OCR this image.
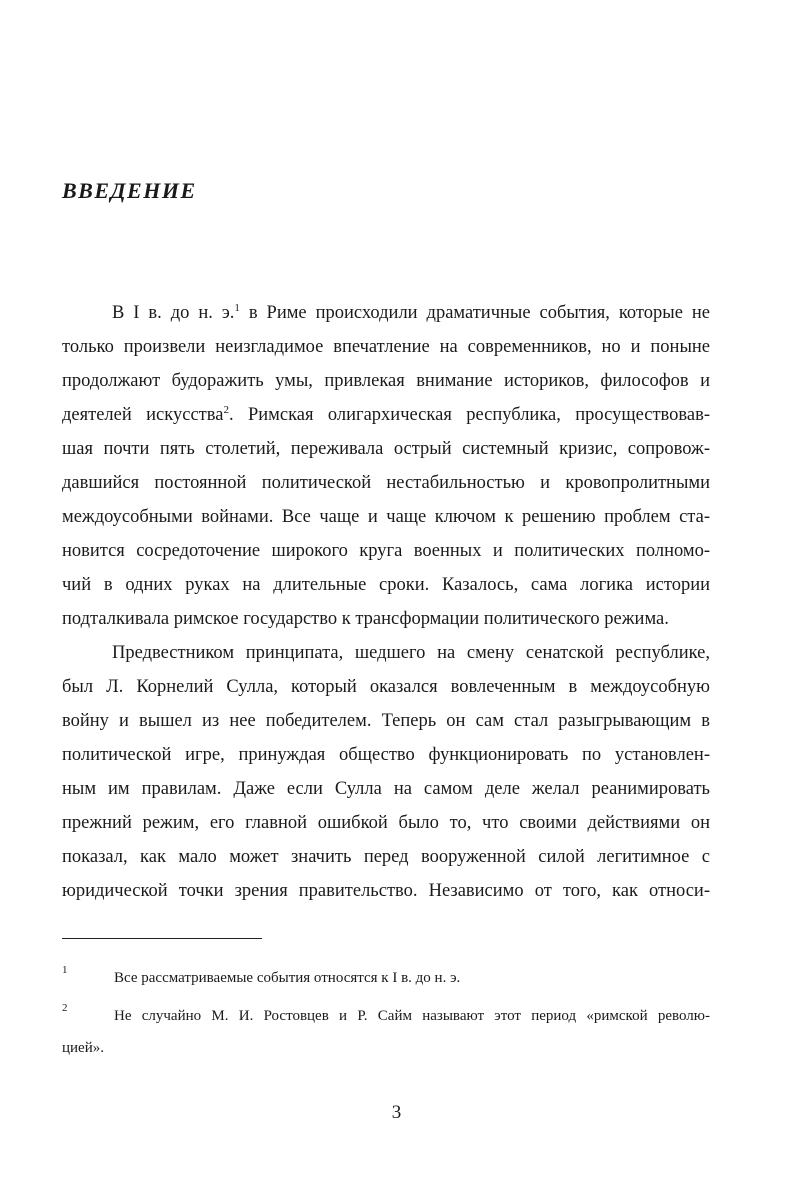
ВВЕДЕНИЕ
В I в. до н. э.$^1$ в Риме происходили драматичные события, которые не
только произвели неизгладимое впечатление на современников, но и поныне
продолжают будоражить умы, привлекая внимание историков, философов и
деятелей искусства$^2$. Римская олигархическая республика, просуществовав-
шая почти пять столетий, переживала острый системный кризис, сопровож-
давшийся постоянной политической нестабильностью и кровопролитными
междоусобными войнами. Все чаще и чаще ключом к решению проблем ста-
новится сосредоточение широкого круга военных и политических полномо-
чий в одних руках на длительные сроки. Казалось, сама логика истории
подталкивала римское государство к трансформации политического режима.
Предвестником принципата, шедшего на смену сенатской республике,
был Л. Корнелий Сулла, который оказался вовлеченным в междоусобную
войну и вышел из нее победителем. Теперь он сам стал разыгрывающим в
политической игре, принуждая общество функционировать по установлен-
ным им правилам. Даже если Сулла на самом деле желал реанимировать
прежний режим, его главной ошибкой было то, что своими действиями он
показал, как мало может значить перед вооруженной силой легитимное с
юридической точки зрения правительство. Независимо от того, как относи-
1	Все рассматриваемые события относятся к I в. до н. э.
2	Не случайно М. И. Ростовцев и Р. Сайм называют этот период «римской револю-
цией».
3
